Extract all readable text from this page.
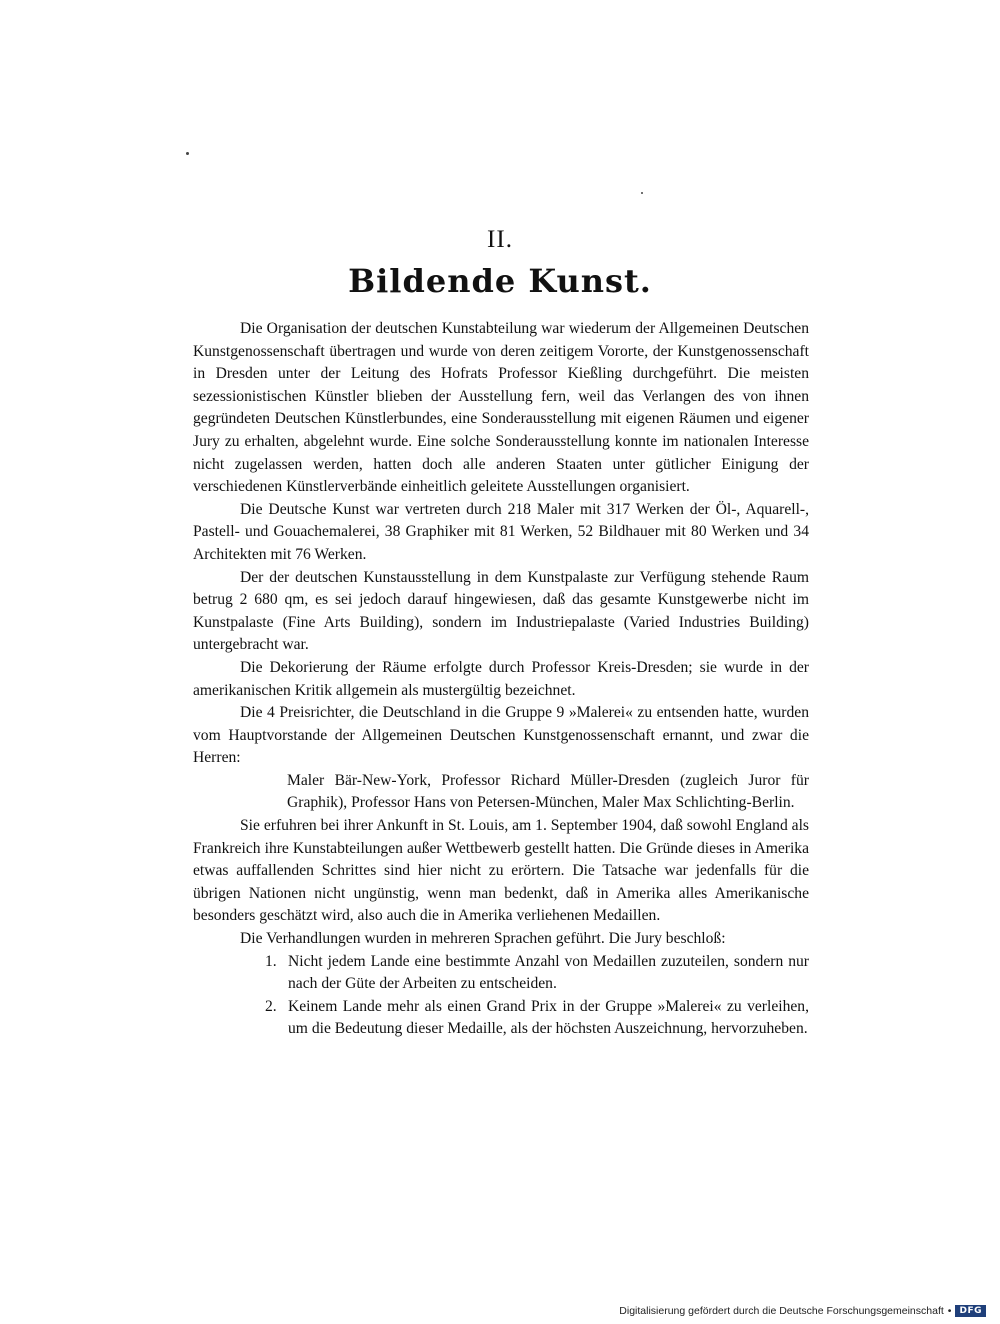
II.
Bildende Kunst.

Die Organisation der deutschen Kunstabteilung war wiederum der Allgemeinen Deutschen Kunstgenossenschaft übertragen und wurde von deren zeitigem Vororte, der Kunstgenossenschaft in Dresden unter der Leitung des Hofrats Professor Kießling durchgeführt. Die meisten sezessionistischen Künstler blieben der Ausstellung fern, weil das Verlangen des von ihnen gegründeten Deutschen Künstlerbundes, eine Sonderausstellung mit eigenen Räumen und eigener Jury zu erhalten, abgelehnt wurde. Eine solche Sonderausstellung konnte im nationalen Interesse nicht zugelassen werden, hatten doch alle anderen Staaten unter gütlicher Einigung der verschiedenen Künstlerverbände einheitlich geleitete Ausstellungen organisiert.

Die Deutsche Kunst war vertreten durch 218 Maler mit 317 Werken der Öl-, Aquarell-, Pastell- und Gouachemalerei, 38 Graphiker mit 81 Werken, 52 Bildhauer mit 80 Werken und 34 Architekten mit 76 Werken.

Der der deutschen Kunstausstellung in dem Kunstpalaste zur Verfügung stehende Raum betrug 2 680 qm, es sei jedoch darauf hingewiesen, daß das gesamte Kunstgewerbe nicht im Kunstpalaste (Fine Arts Building), sondern im Industriepalaste (Varied Industries Building) untergebracht war.

Die Dekorierung der Räume erfolgte durch Professor Kreis-Dresden; sie wurde in der amerikanischen Kritik allgemein als mustergültig bezeichnet.

Die 4 Preisrichter, die Deutschland in die Gruppe 9 »Malerei« zu entsenden hatte, wurden vom Hauptvorstande der Allgemeinen Deutschen Kunstgenossenschaft ernannt, und zwar die Herren:

Maler Bär-New-York, Professor Richard Müller-Dresden (zugleich Juror für Graphik), Professor Hans von Petersen-München, Maler Max Schlichting-Berlin.

Sie erfuhren bei ihrer Ankunft in St. Louis, am 1. September 1904, daß sowohl England als Frankreich ihre Kunstabteilungen außer Wettbewerb gestellt hatten. Die Gründe dieses in Amerika etwas auffallenden Schrittes sind hier nicht zu erörtern. Die Tatsache war jedenfalls für die übrigen Nationen nicht ungünstig, wenn man bedenkt, daß in Amerika alles Amerikanische besonders geschätzt wird, also auch die in Amerika verliehenen Medaillen.

Die Verhandlungen wurden in mehreren Sprachen geführt. Die Jury beschloß:

1. Nicht jedem Lande eine bestimmte Anzahl von Medaillen zuzuteilen, sondern nur nach der Güte der Arbeiten zu entscheiden.
2. Keinem Lande mehr als einen Grand Prix in der Gruppe »Malerei« zu verleihen, um die Bedeutung dieser Medaille, als der höchsten Auszeichnung, hervorzuheben.
Digitalisierung gefördert durch die Deutsche Forschungsgemeinschaft • DFG
